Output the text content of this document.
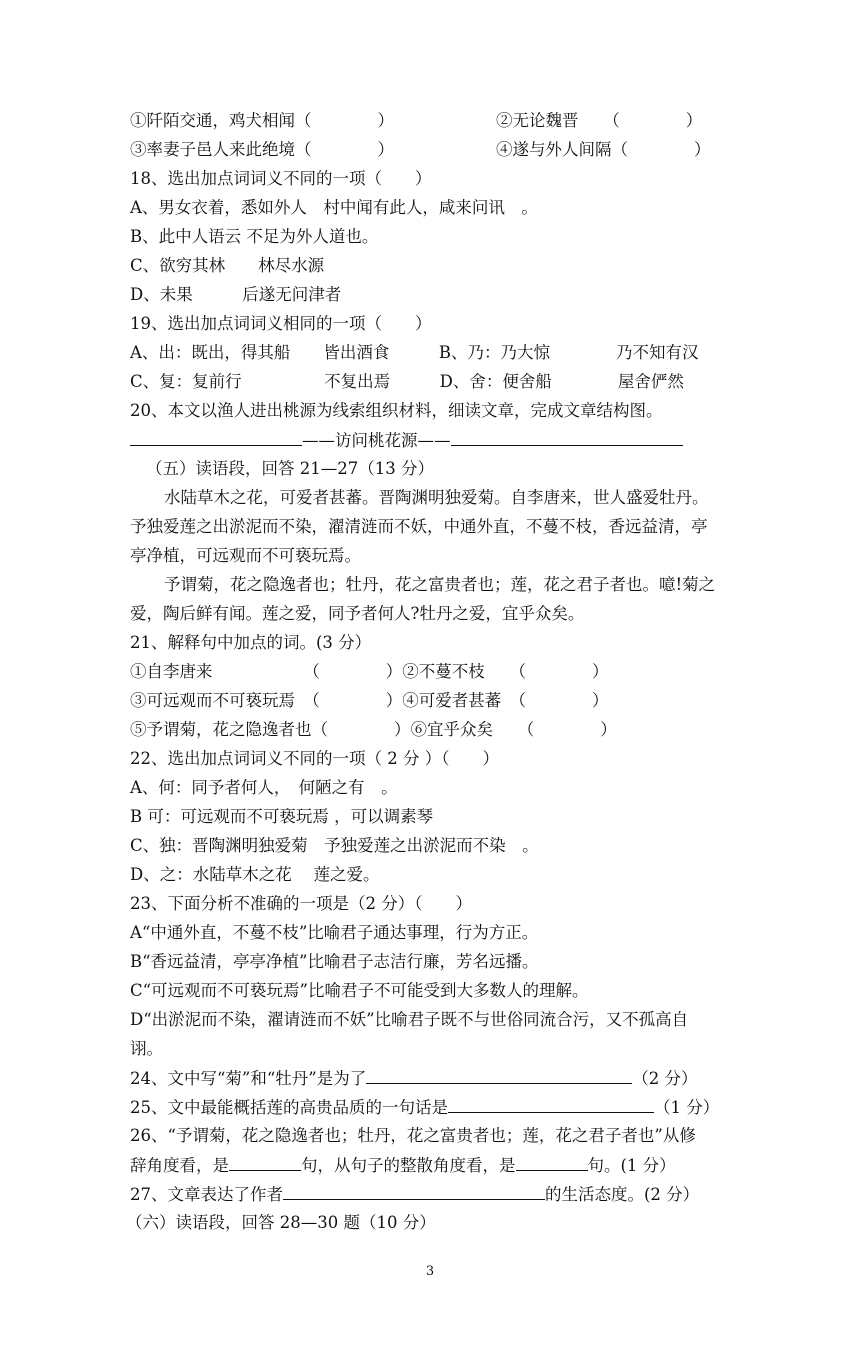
①阡陌交通，鸡犬相闻（　　　　）	②无论魏晋　　（　　　　）
③率妻子邑人来此绝境（　　　　）	④遂与外人间隔（　　　　）
18、选出加点词词义不同的一项（　　）
A、男女衣着，悉如外人　村中闻有此人，咸来问讯　。
B、此中人语云 不足为外人道也。
C、欲穷其林　　林尽水源
D、未果　　　后遂无问津者
19、选出加点词词义相同的一项（　　）
A、出：既出，得其船　　皆出酒食　　　B、乃：乃大惊　　　　乃不知有汉
C、复：复前行　　　　　不复出焉　　　D、舍：便舍船　　　　屋舍俨然
20、本文以渔人进出桃源为线索组织材料，细读文章，完成文章结构图。
——访问桃花源——
（五）读语段，回答 21—27（13 分）
水陆草木之花，可爱者甚蕃。晋陶渊明独爱菊。自李唐来，世人盛爱牡丹。
予独爱莲之出淤泥而不染，濯清涟而不妖，中通外直，不蔓不枝，香远益清，亭
亭净植，可远观而不可亵玩焉。
予谓菊，花之隐逸者也；牡丹，花之富贵者也；莲，花之君子者也。噫!菊之
爱，陶后鲜有闻。莲之爱，同予者何人?牡丹之爱，宜乎众矣。
21、解释句中加点的词。(3 分）
①自李唐来　　　　　　（　　　　）②不蔓不枝　　（　　　　）
③可远观而不可亵玩焉　（　　　　）④可爱者甚蕃　（　　　　）
⑤予谓菊，花之隐逸者也（　　　　）⑥宜乎众矣　　（　　　　）
22、选出加点词词义不同的一项（ 2 分 ）（　　）
A、何：同予者何人，　何陋之有　。
B 可：可远观而不可亵玩焉 ，可以调素琴
C、独：晋陶渊明独爱菊　予独爱莲之出淤泥而不染　。
D、之：水陆草木之花　 莲之爱。
23、下面分析不准确的一项是（2 分）（　　）
A“中通外直，不蔓不枝”比喻君子通达事理，行为方正。
B“香远益清，亭亭净植”比喻君子志洁行廉，芳名远播。
C“可远观而不可亵玩焉”比喻君子不可能受到大多数人的理解。
D“出淤泥而不染，濯请涟而不妖”比喻君子既不与世俗同流合污，又不孤高自
诩。
24、文中写“菊”和“牡丹”是为了	（2 分）
25、文中最能概括莲的高贵品质的一句话是	（1 分）
26、“予谓菊，花之隐逸者也；牡丹，花之富贵者也；莲，花之君子者也”从修
辞角度看，是	句，从句子的整散角度看，是	句。(1 分）
27、文章表达了作者	的生活态度。(2 分）
（六）读语段，回答 28—30 题（10 分）
3
